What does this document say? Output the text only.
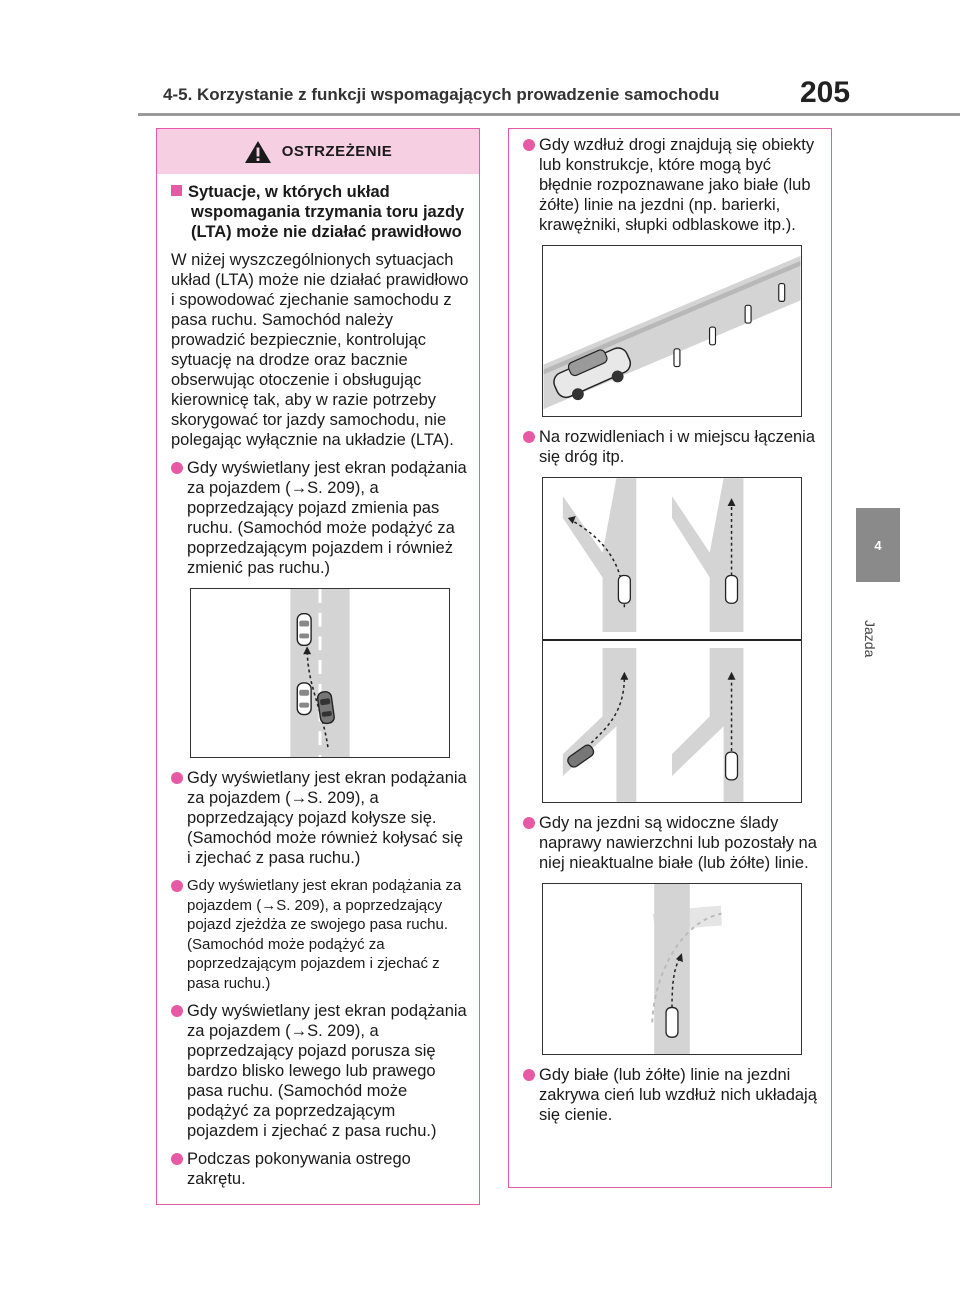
4-5. Korzystanie z funkcji wspomagających prowadzenie samochodu	205
4
Jazda
OSTRZEŻENIE
Sytuacje, w których układ wspomagania trzymania toru jazdy (LTA) może nie działać prawidłowo

W niżej wyszczególnionych sytuacjach układ (LTA) może nie działać prawidłowo i spowodować zjechanie samochodu z pasa ruchu. Samochód należy prowadzić bezpiecznie, kontrolując sytuację na drodze oraz bacznie obserwując otoczenie i obsługując kierownicę tak, aby w razie potrzeby skorygować tor jazdy samochodu, nie polegając wyłącznie na układzie (LTA).

Gdy wyświetlany jest ekran podążania za pojazdem (→S. 209), a poprzedzający pojazd zmienia pas ruchu. (Samochód może podążyć za poprzedzającym pojazdem i również zmienić pas ruchu.)
Gdy wyświetlany jest ekran podążania za pojazdem (→S. 209), a poprzedzający pojazd kołysze się. (Samochód może również kołysać się i zjechać z pasa ruchu.)
Gdy wyświetlany jest ekran podążania za pojazdem (→S. 209), a poprzedzający pojazd zjeżdża ze swojego pasa ruchu. (Samochód może podążyć za poprzedzającym pojazdem i zjechać z pasa ruchu.)
Gdy wyświetlany jest ekran podążania za pojazdem (→S. 209), a poprzedzający pojazd porusza się bardzo blisko lewego lub prawego pasa ruchu. (Samochód może podążyć za poprzedzającym pojazdem i zjechać z pasa ruchu.)
Podczas pokonywania ostrego zakrętu.
Gdy wzdłuż drogi znajdują się obiekty lub konstrukcje, które mogą być błędnie rozpoznawane jako białe (lub żółte) linie na jezdni (np. barierki, krawężniki, słupki odblaskowe itp.).
Na rozwidleniach i w miejscu łączenia się dróg itp.
Gdy na jezdni są widoczne ślady naprawy nawierzchni lub pozostały na niej nieaktualne białe (lub żółte) linie.
Gdy białe (lub żółte) linie na jezdni zakrywa cień lub wzdłuż nich układają się cienie.
